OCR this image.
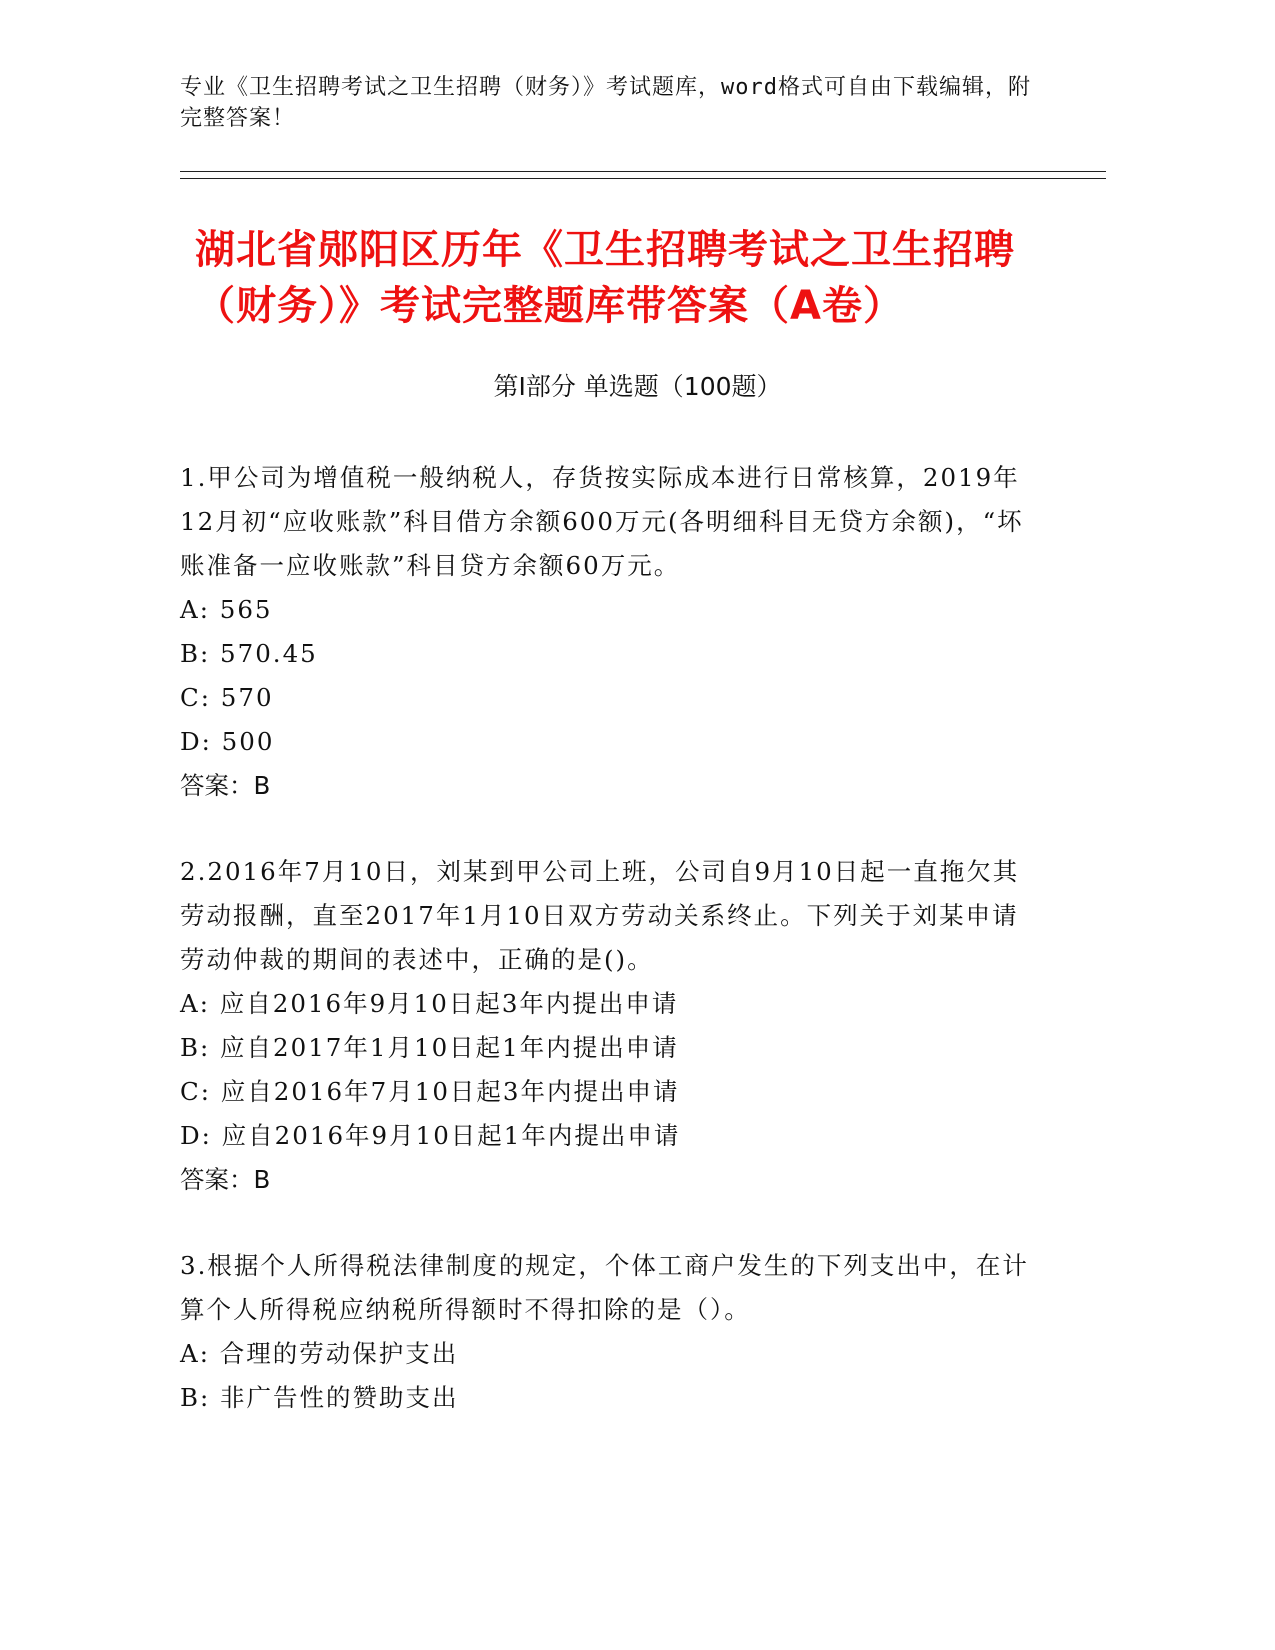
专业《卫生招聘考试之卫生招聘（财务）》考试题库，word格式可自由下载编辑，附完整答案！
湖北省郧阳区历年《卫生招聘考试之卫生招聘（财务）》考试完整题库带答案（A卷）
第I部分 单选题（100题）
1.甲公司为增值税一般纳税人，存货按实际成本进行日常核算，2019年12月初“应收账款”科目借方余额600万元(各明细科目无贷方余额)，“坏账准备一应收账款”科目贷方余额60万元。
A: 565
B: 570.45
C: 570
D: 500
答案：B
2.2016年7月10日，刘某到甲公司上班，公司自9月10日起一直拖欠其劳动报酬，直至2017年1月10日双方劳动关系终止。下列关于刘某申请劳动仲裁的期间的表述中，正确的是()。
A: 应自2016年9月10日起3年内提出申请
B: 应自2017年1月10日起1年内提出申请
C: 应自2016年7月10日起3年内提出申请
D: 应自2016年9月10日起1年内提出申请
答案：B
3.根据个人所得税法律制度的规定，个体工商户发生的下列支出中，在计算个人所得税应纳税所得额时不得扣除的是（）。
A: 合理的劳动保护支出
B: 非广告性的赞助支出
